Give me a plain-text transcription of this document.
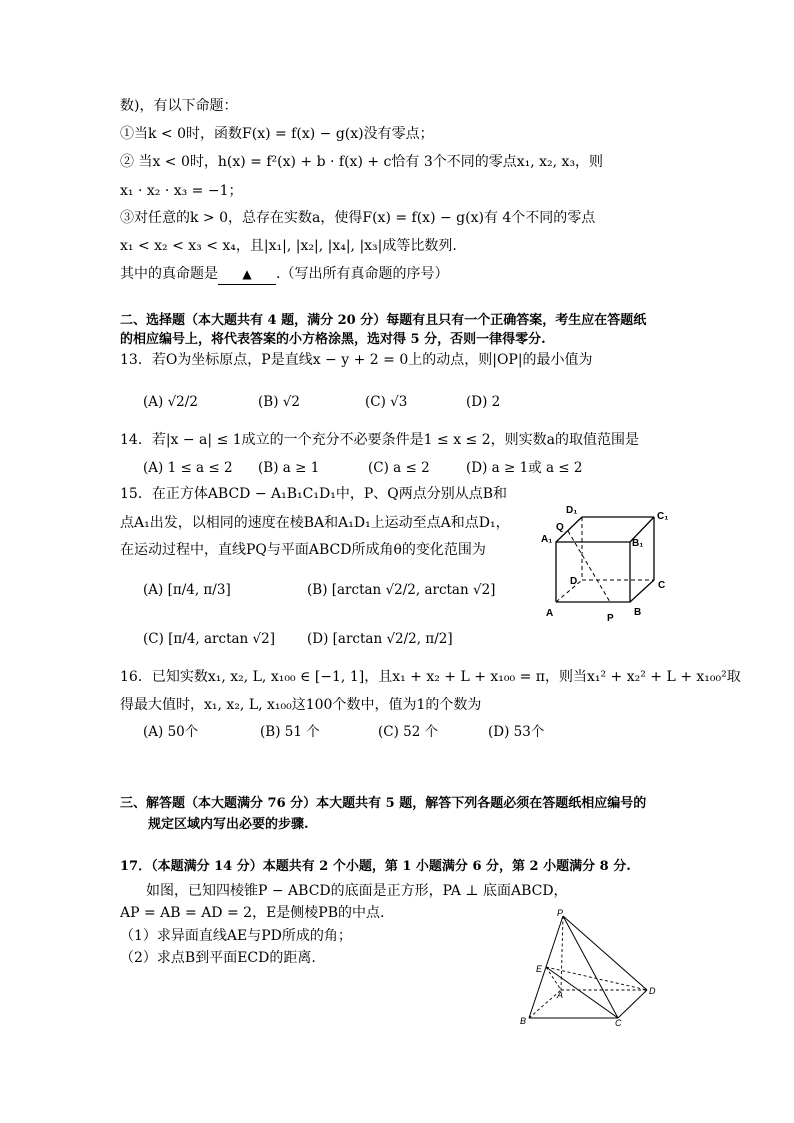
数)，有以下命题：
①当k < 0时，函数F(x) = f(x) − g(x)没有零点；
② 当x < 0时，h(x) = f²(x) + b · f(x) + c恰有 3个不同的零点x₁, x₂, x₃，则
x₁ · x₂ · x₃ = −1；
③对任意的k > 0，总存在实数a，使得F(x) = f(x) − g(x)有 4个不同的零点
x₁ < x₂ < x₃ < x₄，且|x₁|, |x₂|, |x₄|, |x₃|成等比数列.
其中的真命题是 ▲ .（写出所有真命题的序号）
二、选择题（本大题共有 4 题，满分 20 分）每题有且只有一个正确答案，考生应在答题纸
的相应编号上，将代表答案的小方格涂黑，选对得 5 分，否则一律得零分.
13．若O为坐标原点，P是直线x − y + 2 = 0上的动点，则|OP|的最小值为
(A) √2/2	(B) √2	(C) √3	(D) 2
14．若|x − a| ≤ 1成立的一个充分不必要条件是1 ≤ x ≤ 2，则实数a的取值范围是
(A) 1 ≤ a ≤ 2 (B) a ≥ 1	(C) a ≤ 2	(D) a ≥ 1或 a ≤ 2
15．在正方体ABCD − A₁B₁C₁D₁中，P、Q两点分别从点B和
点A₁出发，以相同的速度在棱BA和A₁D₁上运动至点A和点D₁，
在运动过程中，直线PQ与平面ABCD所成角θ的变化范围为
(A) [π/4, π/3]	(B) [arctan √2/2, arctan √2]
(C) [π/4, arctan √2] (D) [arctan √2/2, π/2]
D₁
C₁
Q
A₁	B₁
D	C
A	B
P
16．已知实数x₁, x₂, L, x₁₀₀ ∈ [−1, 1]，且x₁ + x₂ + L + x₁₀₀ = π，则当x₁² + x₂² + L + x₁₀₀²取
得最大值时，x₁, x₂, L, x₁₀₀这100个数中，值为1的个数为
(A) 50个	(B) 51 个	(C) 52 个	(D) 53个
三、解答题（本大题满分 76 分）本大题共有 5 题，解答下列各题必须在答题纸相应编号的
规定区域内写出必要的步骤.
17．（本题满分 14 分）本题共有 2 个小题，第 1 小题满分 6 分，第 2 小题满分 8 分.
如图，已知四棱锥P − ABCD的底面是正方形，PA ⊥ 底面ABCD，
AP = AB = AD = 2，E是侧棱PB的中点.
（1）求异面直线AE与PD所成的角；
（2）求点B到平面ECD的距离.
P
E
A	D
B	C
